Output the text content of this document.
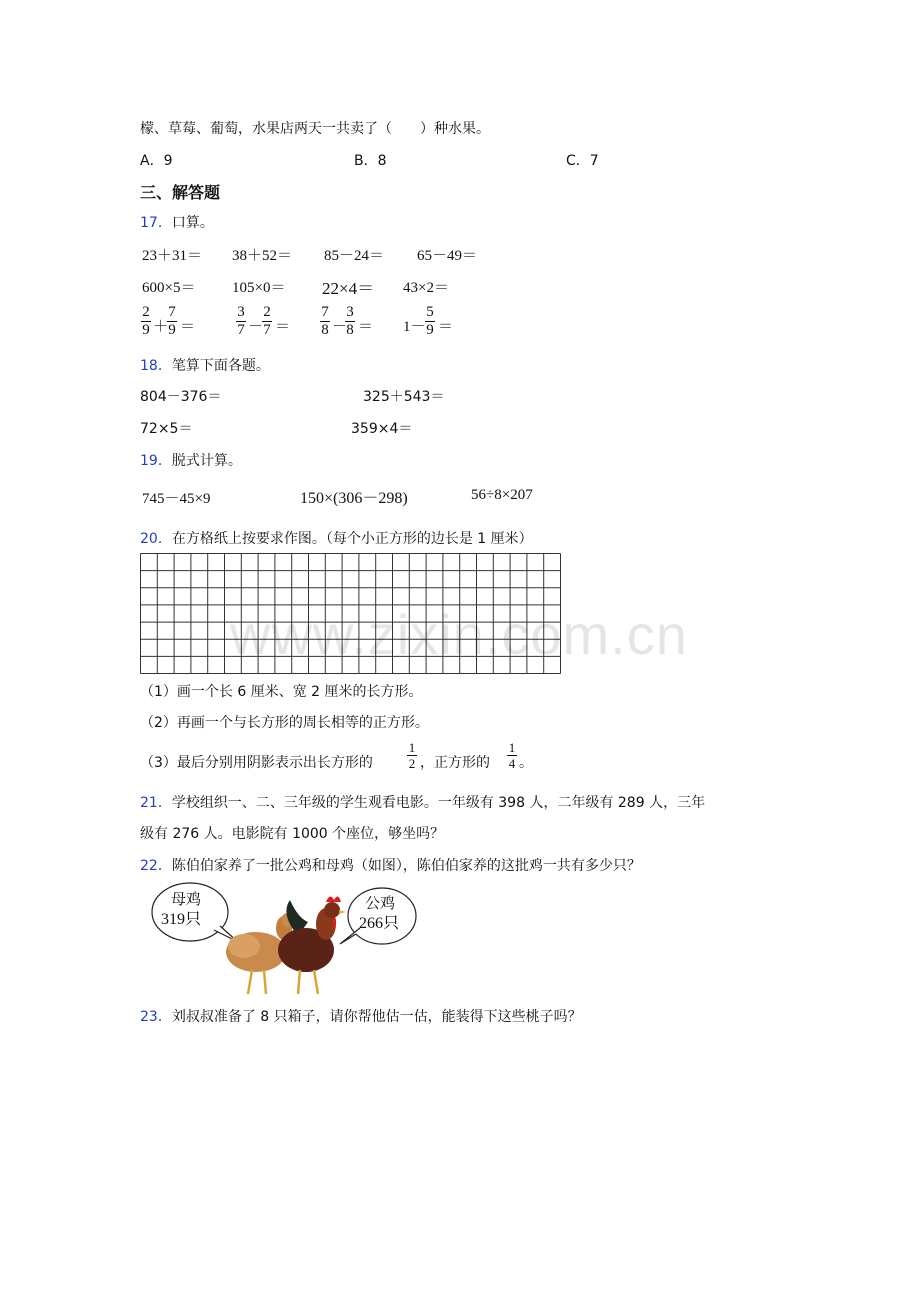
檬、草莓、葡萄，水果店两天一共卖了（　　）种水果。
A．9	B．8	C．7
三、解答题
17．口算。
23＋31＝ 38＋52＝ 85－24＝ 65－49＝
600×5＝ 105×0＝ 22×4＝ 43×2＝
2
9 ＋
7
9 ＝
3
7 －
2
7 ＝
7
8 －
3
8 ＝ 1－
5
9 ＝
18．笔算下面各题。
804－376＝	325＋543＝
72×5＝	359×4＝
19．脱式计算。
745－45×9	150×(306－298)	56÷8×207
20．在方格纸上按要求作图。（每个小正方形的边长是 1 厘米）
（1）画一个长 6 厘米、宽 2 厘米的长方形。
（2）再画一个与长方形的周长相等的正方形。
（3）最后分别用阴影表示出长方形的
1
2 ，正方形的
1
4 。
21．学校组织一、二、三年级的学生观看电影。一年级有 398 人，二年级有 289 人，三年
级有 276 人。电影院有 1000 个座位，够坐吗？
22．陈伯伯家养了一批公鸡和母鸡（如图），陈伯伯家养的这批鸡一共有多少只？
母鸡
319只
公鸡
266只
23．刘叔叔准备了 8 只箱子，请你帮他估一估，能装得下这些桃子吗？
www.zixin.com.cn
